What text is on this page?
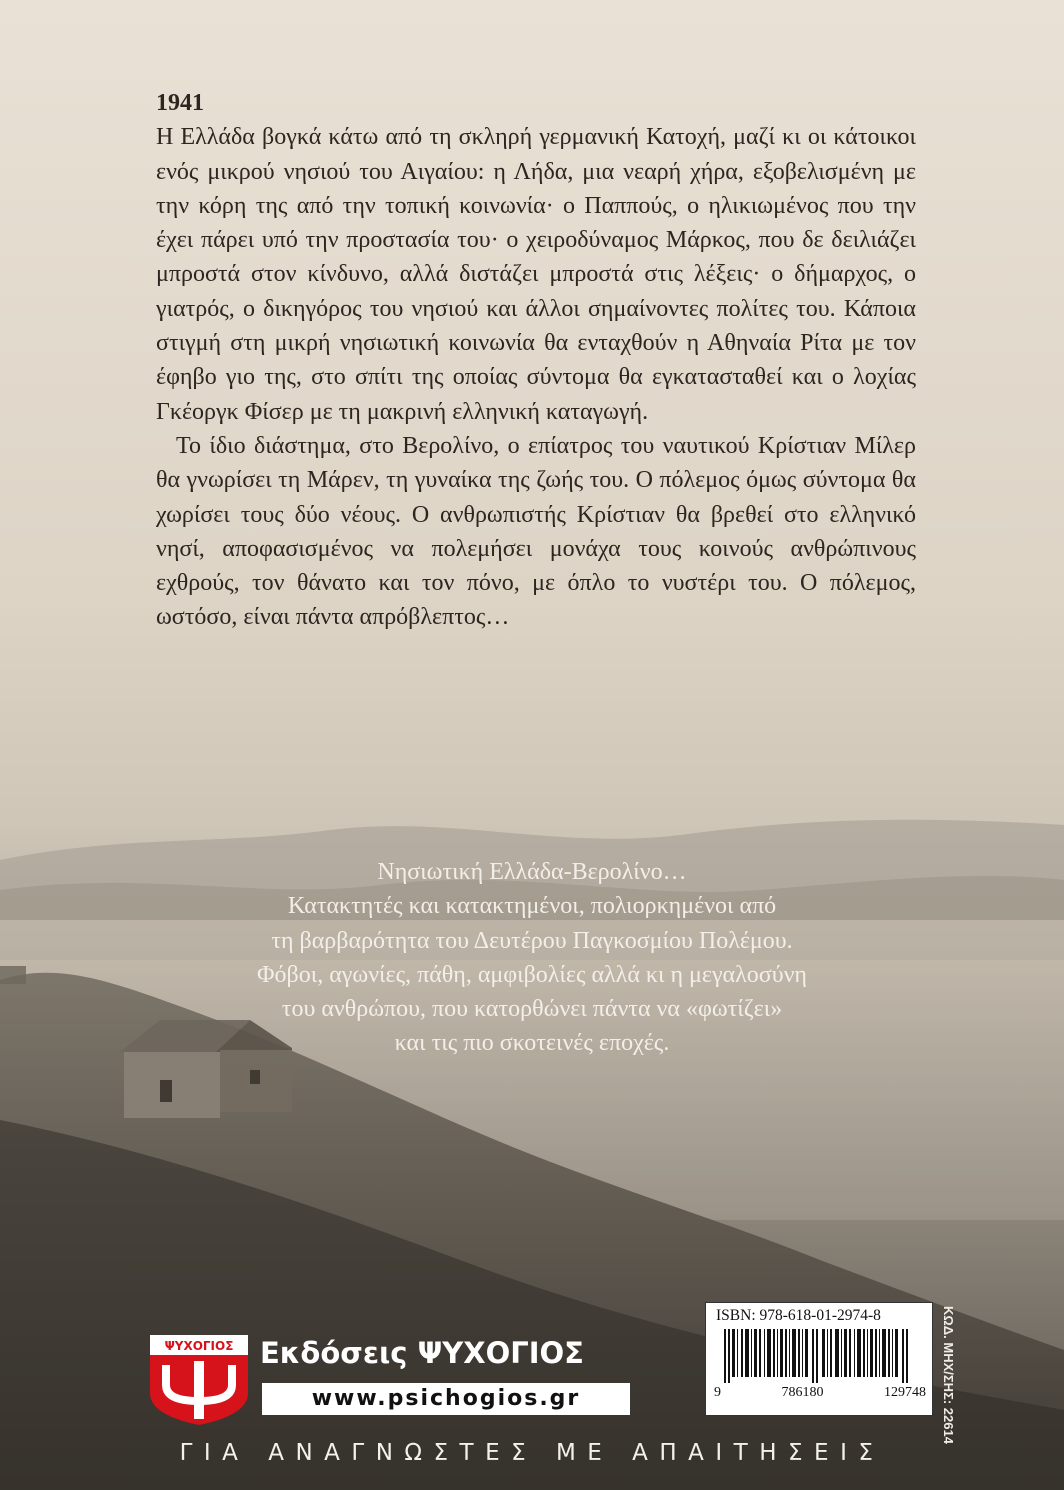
1941

Η Ελλάδα βογκά κάτω από τη σκληρή γερμανική Κατοχή, μαζί κι οι κάτοικοι ενός μικρού νησιού του Αιγαίου: η Λήδα, μια νεαρή χήρα, εξοβελισμένη με την κόρη της από την τοπική κοινωνία· ο Παππούς, ο ηλικιωμένος που την έχει πάρει υπό την προστασία του· ο χειροδύναμος Μάρκος, που δε δειλιάζει μπροστά στον κίνδυνο, αλλά διστάζει μπροστά στις λέξεις· ο δήμαρχος, ο γιατρός, ο δικηγόρος του νησιού και άλλοι σημαίνοντες πολίτες του. Κάποια στιγμή στη μικρή νησιωτική κοινωνία θα ενταχθούν η Αθηναία Ρίτα με τον έφηβο γιο της, στο σπίτι της οποίας σύντομα θα εγκατασταθεί και ο λοχίας Γκέοργκ Φίσερ με τη μακρινή ελληνική καταγωγή.

Το ίδιο διάστημα, στο Βερολίνο, ο επίατρος του ναυτικού Κρίστιαν Μίλερ θα γνωρίσει τη Μάρεν, τη γυναίκα της ζωής του. Ο πόλεμος όμως σύντομα θα χωρίσει τους δύο νέους. Ο ανθρωπιστής Κρίστιαν θα βρεθεί στο ελληνικό νησί, αποφασισμένος να πολεμήσει μονάχα τους κοινούς ανθρώπινους εχθρούς, τον θάνατο και τον πόνο, με όπλο το νυστέρι του. Ο πόλεμος, ωστόσο, είναι πάντα απρόβλεπτος…

Νησιωτική Ελλάδα-Βερολίνο…
Κατακτητές και κατακτημένοι, πολιορκημένοι από
τη βαρβαρότητα του Δευτέρου Παγκοσμίου Πολέμου.
Φόβοι, αγωνίες, πάθη, αμφιβολίες αλλά κι η μεγαλοσύνη
του ανθρώπου, που κατορθώνει πάντα να «φωτίζει»
και τις πιο σκοτεινές εποχές.
ΨΥΧΟΓΙΟΣ Εκδόσεις ΨΥΧΟΓΙΟΣ
www.psichogios.gr
ISBN: 978-618-01-2974-8
9	786180	129748 ΚΩΔ. ΜΗΧ/ΣΗΣ: 22614
ΓΙΑ ΑΝΑΓΝΩΣΤΕΣ ΜΕ ΑΠΑΙΤΗΣΕΙΣ
